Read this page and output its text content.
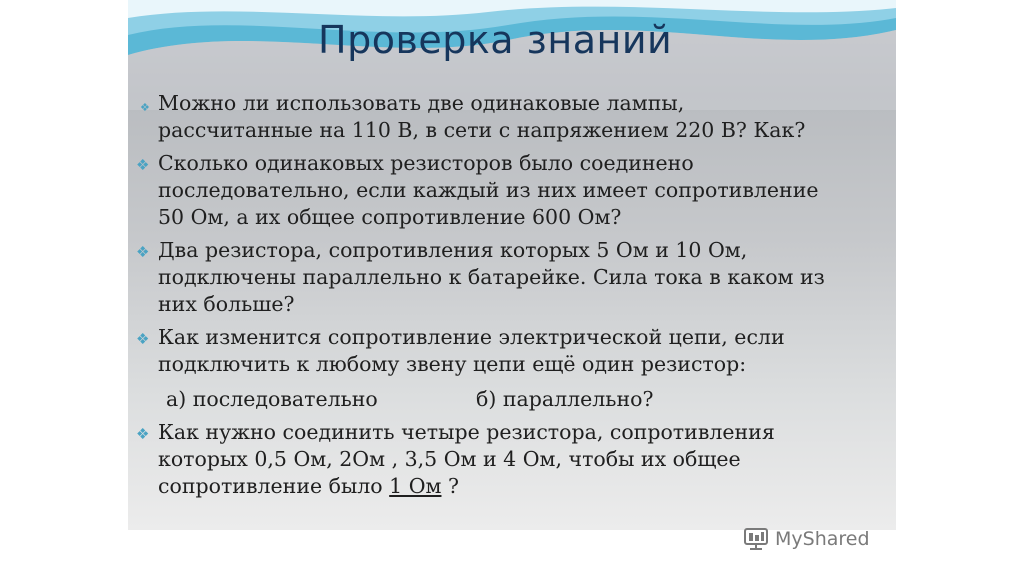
Проверка знаний
❖ Можно ли использовать две одинаковые лампы,
рассчитанные на 110 В, в сети с напряжением 220 В? Как?
❖ Сколько одинаковых резисторов было соединено
последовательно, если каждый из них имеет сопротивление
50 Ом, а их общее сопротивление 600 Ом?
❖ Два резистора, сопротивления которых 5 Ом и 10 Ом,
подключены параллельно к батарейке. Сила тока в каком из
них больше?
❖ Как изменится сопротивление электрической цепи, если
подключить к любому звену цепи ещё один резистор:
а) последовательно	б) параллельно?
❖ Как нужно соединить четыре резистора, сопротивления
которых 0,5 Ом, 2Ом , 3,5 Ом и 4 Ом, чтобы их общее
сопротивление было 1 Ом ?
MyShared
